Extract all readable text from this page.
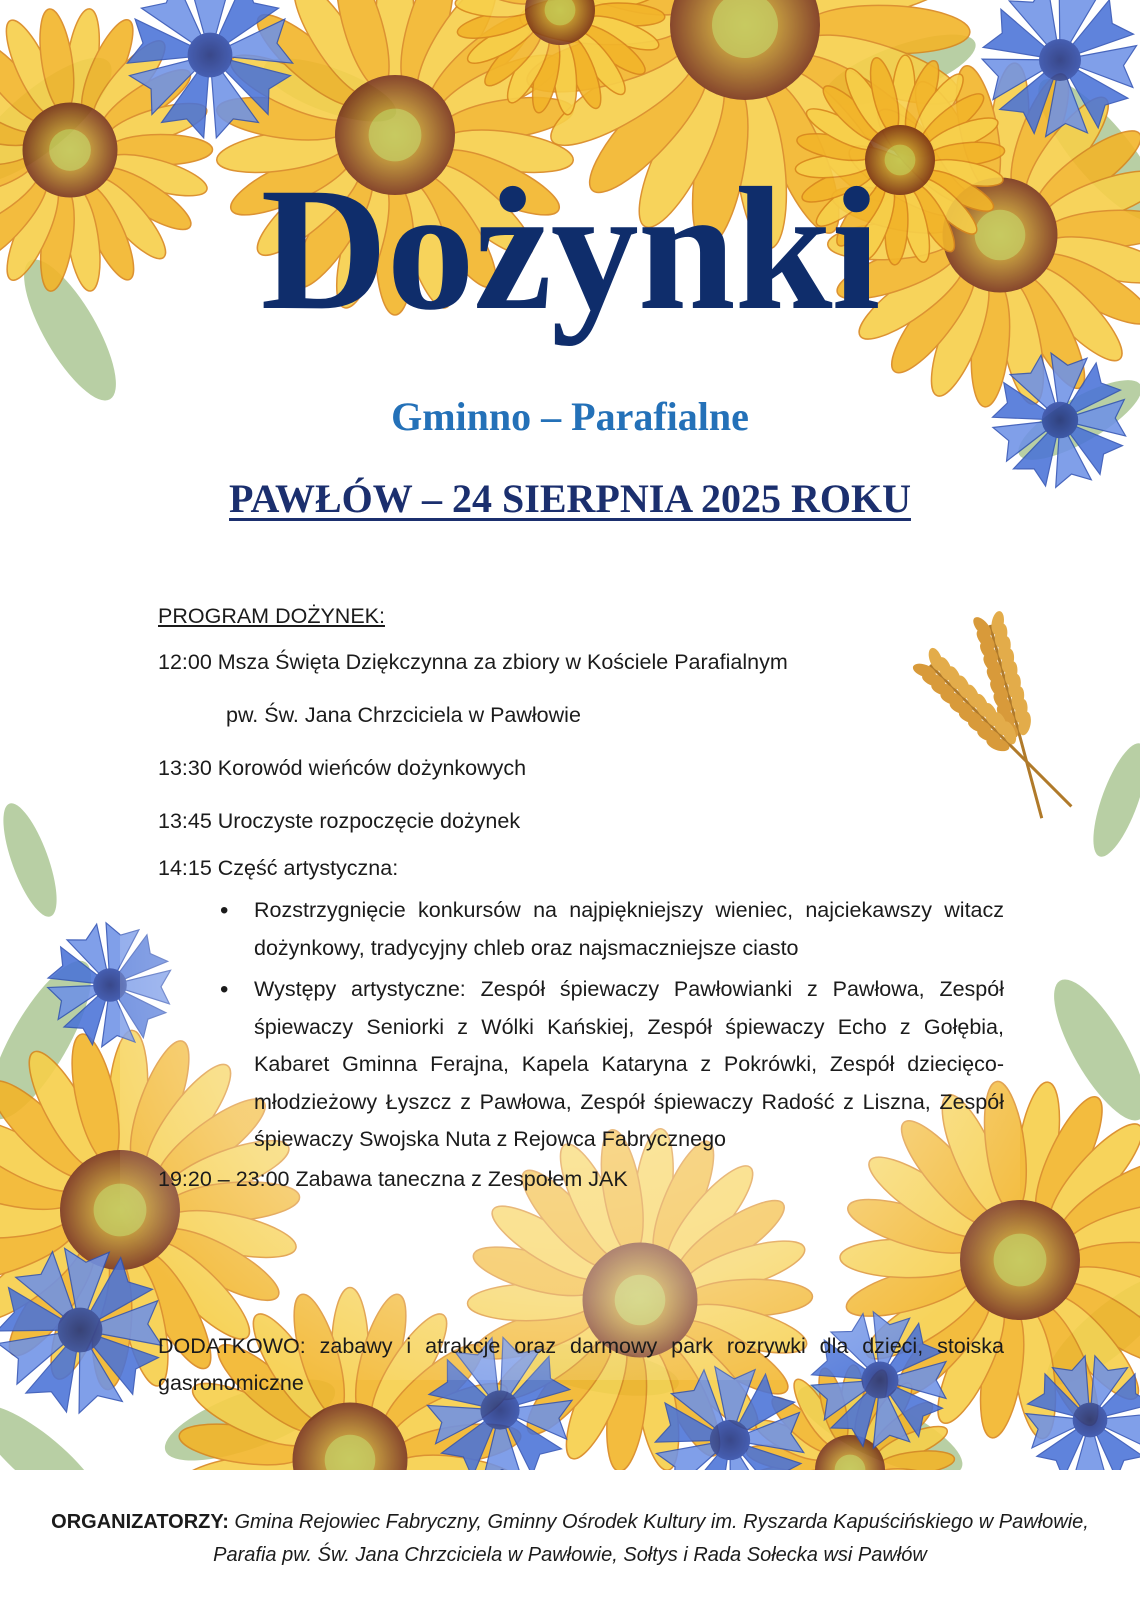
Dożynki
Gminno – Parafialne
PAWŁÓW – 24 SIERPNIA 2025 ROKU
PROGRAM DOŻYNEK:
12:00 Msza Święta Dziękczynna za zbiory w Kościele Parafialnym
pw. Św. Jana Chrzciciela w Pawłowie
13:30 Korowód wieńców dożynkowych
13:45 Uroczyste rozpoczęcie dożynek
14:15 Część artystyczna:
• Rozstrzygnięcie konkursów na najpiękniejszy wieniec, najciekawszy witacz dożynkowy, tradycyjny chleb oraz najsmaczniejsze ciasto
• Występy artystyczne: Zespół śpiewaczy Pawłowianki z Pawłowa, Zespół śpiewaczy Seniorki z Wólki Kańskiej, Zespół śpiewaczy Echo z Gołębia, Kabaret Gminna Ferajna, Kapela Kataryna z Pokrówki, Zespół dziecięco-młodzieżowy Łyszcz z Pawłowa, Zespół śpiewaczy Radość z Liszna, Zespół śpiewaczy Swojska Nuta z Rejowca Fabrycznego
19:20 – 23:00 Zabawa taneczna z Zespołem JAK
DODATKOWO: zabawy i atrakcje oraz darmowy park rozrywki dla dzieci, stoiska gasronomiczne
ORGANIZATORZY: Gmina Rejowiec Fabryczny, Gminny Ośrodek Kultury im. Ryszarda Kapuścińskiego w Pawłowie, Parafia pw. Św. Jana Chrzciciela w Pawłowie, Sołtys i Rada Sołecka wsi Pawłów
